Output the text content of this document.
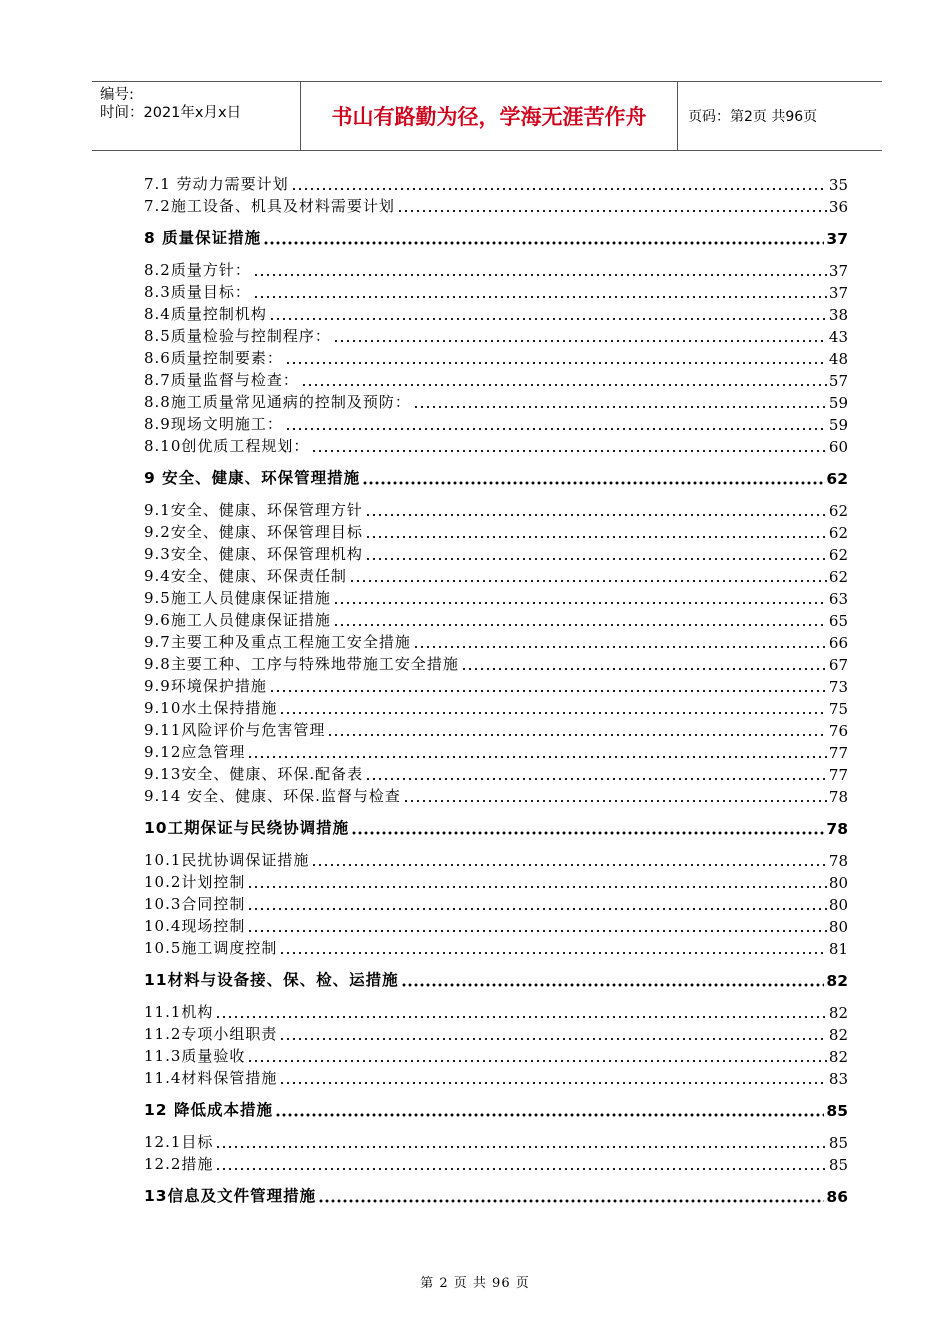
编号:
时间：2021年x月x日	书山有路勤为径，学海无涯苦作舟	页码：第2页 共96页
7.1 劳动力需要计划	35
7.2施工设备、机具及材料需要计划	36
8 质量保证措施	37
8.2质量方针：	37
8.3质量目标：	37
8.4质量控制机构	38
8.5质量检验与控制程序：	43
8.6质量控制要素：	48
8.7质量监督与检查：	57
8.8施工质量常见通病的控制及预防：	59
8.9现场文明施工：	59
8.10创优质工程规划：	60
9 安全、健康、环保管理措施	62
9.1安全、健康、环保管理方针	62
9.2安全、健康、环保管理目标	62
9.3安全、健康、环保管理机构	62
9.4安全、健康、环保责任制	62
9.5施工人员健康保证措施	63
9.6施工人员健康保证措施	65
9.7主要工种及重点工程施工安全措施	66
9.8主要工种、工序与特殊地带施工安全措施	67
9.9环境保护措施	73
9.10水土保持措施	75
9.11风险评价与危害管理	76
9.12应急管理	77
9.13安全、健康、环保.配备表	77
9.14 安全、健康、环保.监督与检查	78
10工期保证与民绕协调措施	78
10.1民扰协调保证措施	78
10.2计划控制	80
10.3合同控制	80
10.4现场控制	80
10.5施工调度控制	81
11材料与设备接、保、检、运措施	82
11.1机构	82
11.2专项小组职责	82
11.3质量验收	82
11.4材料保管措施	83
12 降低成本措施	85
12.1目标	85
12.2措施	85
13信息及文件管理措施	86
第 2 页 共 96 页
